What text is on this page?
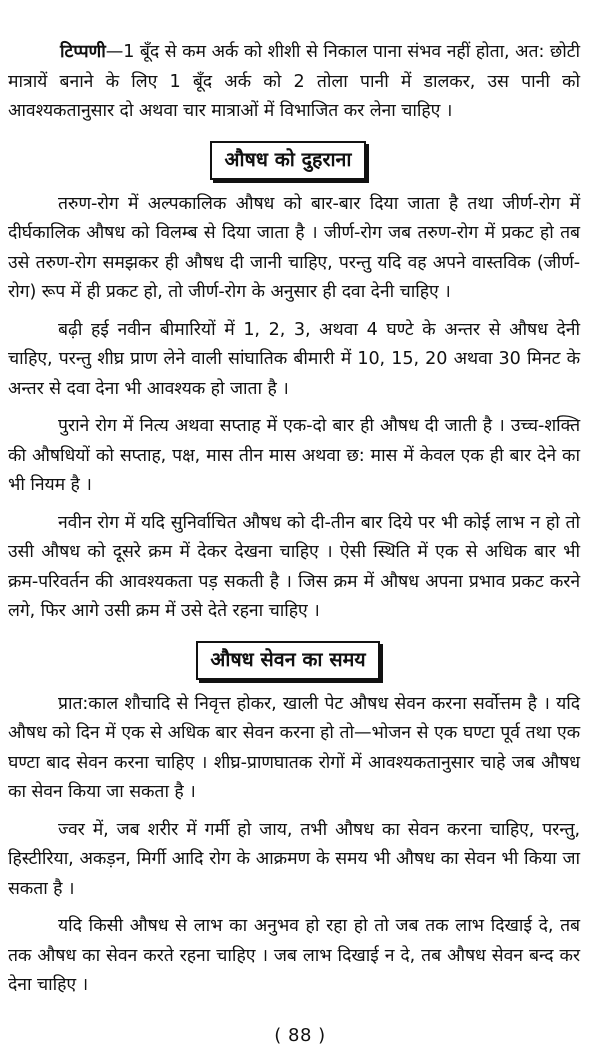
टिप्पणी—1 बूँद से कम अर्क को शीशी से निकाल पाना संभव नहीं होता, अत: छोटी मात्रायें बनाने के लिए 1 बूँद अर्क को 2 तोला पानी में डालकर, उस पानी को आवश्यकतानुसार दो अथवा चार मात्राओं में विभाजित कर लेना चाहिए ।

औषध को दुहराना

तरुण-रोग में अल्पकालिक औषध को बार-बार दिया जाता है तथा जीर्ण-रोग में दीर्घकालिक औषध को विलम्ब से दिया जाता है । जीर्ण-रोग जब तरुण-रोग में प्रकट हो तब उसे तरुण-रोग समझकर ही औषध दी जानी चाहिए, परन्तु यदि वह अपने वास्तविक (जीर्ण-रोग) रूप में ही प्रकट हो, तो जीर्ण-रोग के अनुसार ही दवा देनी चाहिए ।

बढ़ी हई नवीन बीमारियों में 1, 2, 3, अथवा 4 घण्टे के अन्तर से औषध देनी चाहिए, परन्तु शीघ्र प्राण लेने वाली सांघातिक बीमारी में 10, 15, 20 अथवा 30 मिनट के अन्तर से दवा देना भी आवश्यक हो जाता है ।

पुराने रोग में नित्य अथवा सप्ताह में एक-दो बार ही औषध दी जाती है । उच्च-शक्ति की औषधियों को सप्ताह, पक्ष, मास तीन मास अथवा छ: मास में केवल एक ही बार देने का भी नियम है ।

नवीन रोग में यदि सुनिर्वाचित औषध को दी-तीन बार दिये पर भी कोई लाभ न हो तो उसी औषध को दूसरे क्रम में देकर देखना चाहिए । ऐसी स्थिति में एक से अधिक बार भी क्रम-परिवर्तन की आवश्यकता पड़ सकती है । जिस क्रम में औषध अपना प्रभाव प्रकट करने लगे, फिर आगे उसी क्रम में उसे देते रहना चाहिए ।

औषध सेवन का समय

प्रात:काल शौचादि से निवृत्त होकर, खाली पेट औषध सेवन करना सर्वोत्तम है । यदि औषध को दिन में एक से अधिक बार सेवन करना हो तो—भोजन से एक घण्टा पूर्व तथा एक घण्टा बाद सेवन करना चाहिए । शीघ्र-प्राणघातक रोगों में आवश्यकतानुसार चाहे जब औषध का सेवन किया जा सकता है ।

ज्वर में, जब शरीर में गर्मी हो जाय, तभी औषध का सेवन करना चाहिए, परन्तु, हिस्टीरिया, अकड़न, मिर्गी आदि रोग के आक्रमण के समय भी औषध का सेवन भी किया जा सकता है ।

यदि किसी औषध से लाभ का अनुभव हो रहा हो तो जब तक लाभ दिखाई दे, तब तक औषध का सेवन करते रहना चाहिए । जब लाभ दिखाई न दे, तब औषध सेवन बन्द कर देना चाहिए ।

( 88 )
